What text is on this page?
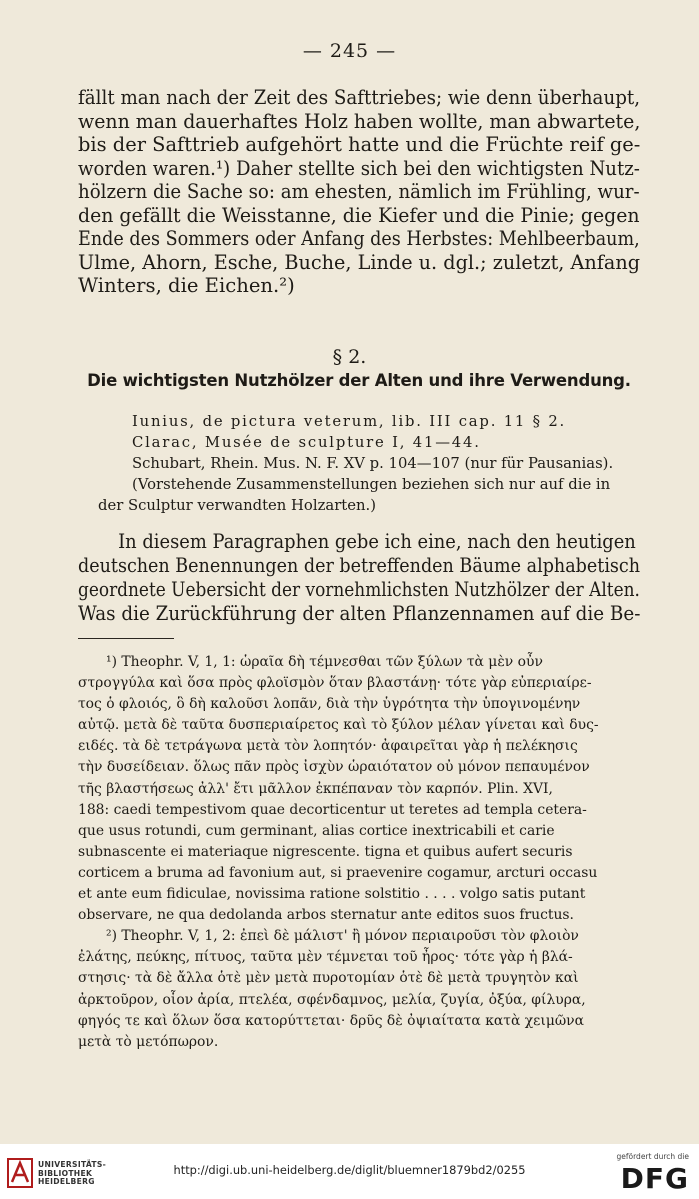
— 245 —
fällt man nach der Zeit des Safttriebes; wie denn überhaupt,
wenn man dauerhaftes Holz haben wollte, man abwartete,
bis der Safttrieb aufgehört hatte und die Früchte reif ge-
worden waren.¹) Daher stellte sich bei den wichtigsten Nutz-
hölzern die Sache so: am ehesten, nämlich im Frühling, wur-
den gefällt die Weisstanne, die Kiefer und die Pinie; gegen
Ende des Sommers oder Anfang des Herbstes: Mehlbeerbaum,
Ulme, Ahorn, Esche, Buche, Linde u. dgl.; zuletzt, Anfang
Winters, die Eichen.²)
§ 2.
Die wichtigsten Nutzhölzer der Alten und ihre Verwendung.
Iunius, de pictura veterum, lib. III cap. 11 § 2.
Clarac, Musée de sculpture I, 41—44.
Schubart, Rhein. Mus. N. F. XV p. 104—107 (nur für Pausanias).
(Vorstehende Zusammenstellungen beziehen sich nur auf die in
der Sculptur verwandten Holzarten.)
In diesem Paragraphen gebe ich eine, nach den heutigen
deutschen Benennungen der betreffenden Bäume alphabetisch
geordnete Uebersicht der vornehmlichsten Nutzhölzer der Alten.
Was die Zurückführung der alten Pflanzennamen auf die Be-
¹) Theophr. V, 1, 1: ὡραῖα δὴ τέμνεσθαι τῶν ξύλων τὰ μὲν οὖν
στρογγύλα καὶ ὅσα πρὸς φλοϊσμὸν ὅταν βλαστάνῃ· τότε γὰρ εὐπεριαίρε-
τος ὁ φλοιός, ὃ δὴ καλοῦσι λοπᾶν, διὰ τὴν ὑγρότητα τὴν ὑπογινομένην
αὐτῷ. μετὰ δὲ ταῦτα δυσπεριαίρετος καὶ τὸ ξύλον μέλαν γίνεται καὶ δυς-
ειδές. τὰ δὲ τετράγωνα μετὰ τὸν λοπητόν· ἀφαιρεῖται γὰρ ἡ πελέκησις
τὴν δυσείδειαν. ὅλως πᾶν πρὸς ἰσχὺν ὡραιότατον οὐ μόνον πεπαυμένον
τῆς βλαστήσεως ἀλλ' ἔτι μᾶλλον ἐκπέπαναν τὸν καρπόν. Plin. XVI,
188: caedi tempestivom quae decorticentur ut teretes ad templa cetera-
que usus rotundi, cum germinant, alias cortice inextricabili et carie
subnascente ei materiaque nigrescente. tigna et quibus aufert securis
corticem a bruma ad favonium aut, si praevenire cogamur, arcturi occasu
et ante eum fidiculae, novissima ratione solstitio . . . . volgo satis putant
observare, ne qua dedolanda arbos sternatur ante editos suos fructus.
²) Theophr. V, 1, 2: ἐπεὶ δὲ μάλιστ' ἢ μόνον περιαιροῦσι τὸν φλοιὸν
ἐλάτης, πεύκης, πίτυος, ταῦτα μὲν τέμνεται τοῦ ἦρος· τότε γὰρ ἡ βλά-
στησις· τὰ δὲ ἄλλα ὁτὲ μὲν μετὰ πυροτομίαν ὁτὲ δὲ μετὰ τρυγητὸν καὶ
ἀρκτοῦρον, οἷον ἀρία, πτελέα, σφένδαμνος, μελία, ζυγία, ὀξύα, φίλυρα,
φηγός τε καὶ ὅλων ὅσα κατορύττεται· δρῦς δὲ ὀψιαίτατα κατὰ χειμῶνα
μετὰ τὸ μετόπωρον.
UNIVERSITÄTS-
BIBLIOTHEK
HEIDELBERG
http://digi.ub.uni-heidelberg.de/diglit/bluemner1879bd2/0255
gefördert durch die
DFG
